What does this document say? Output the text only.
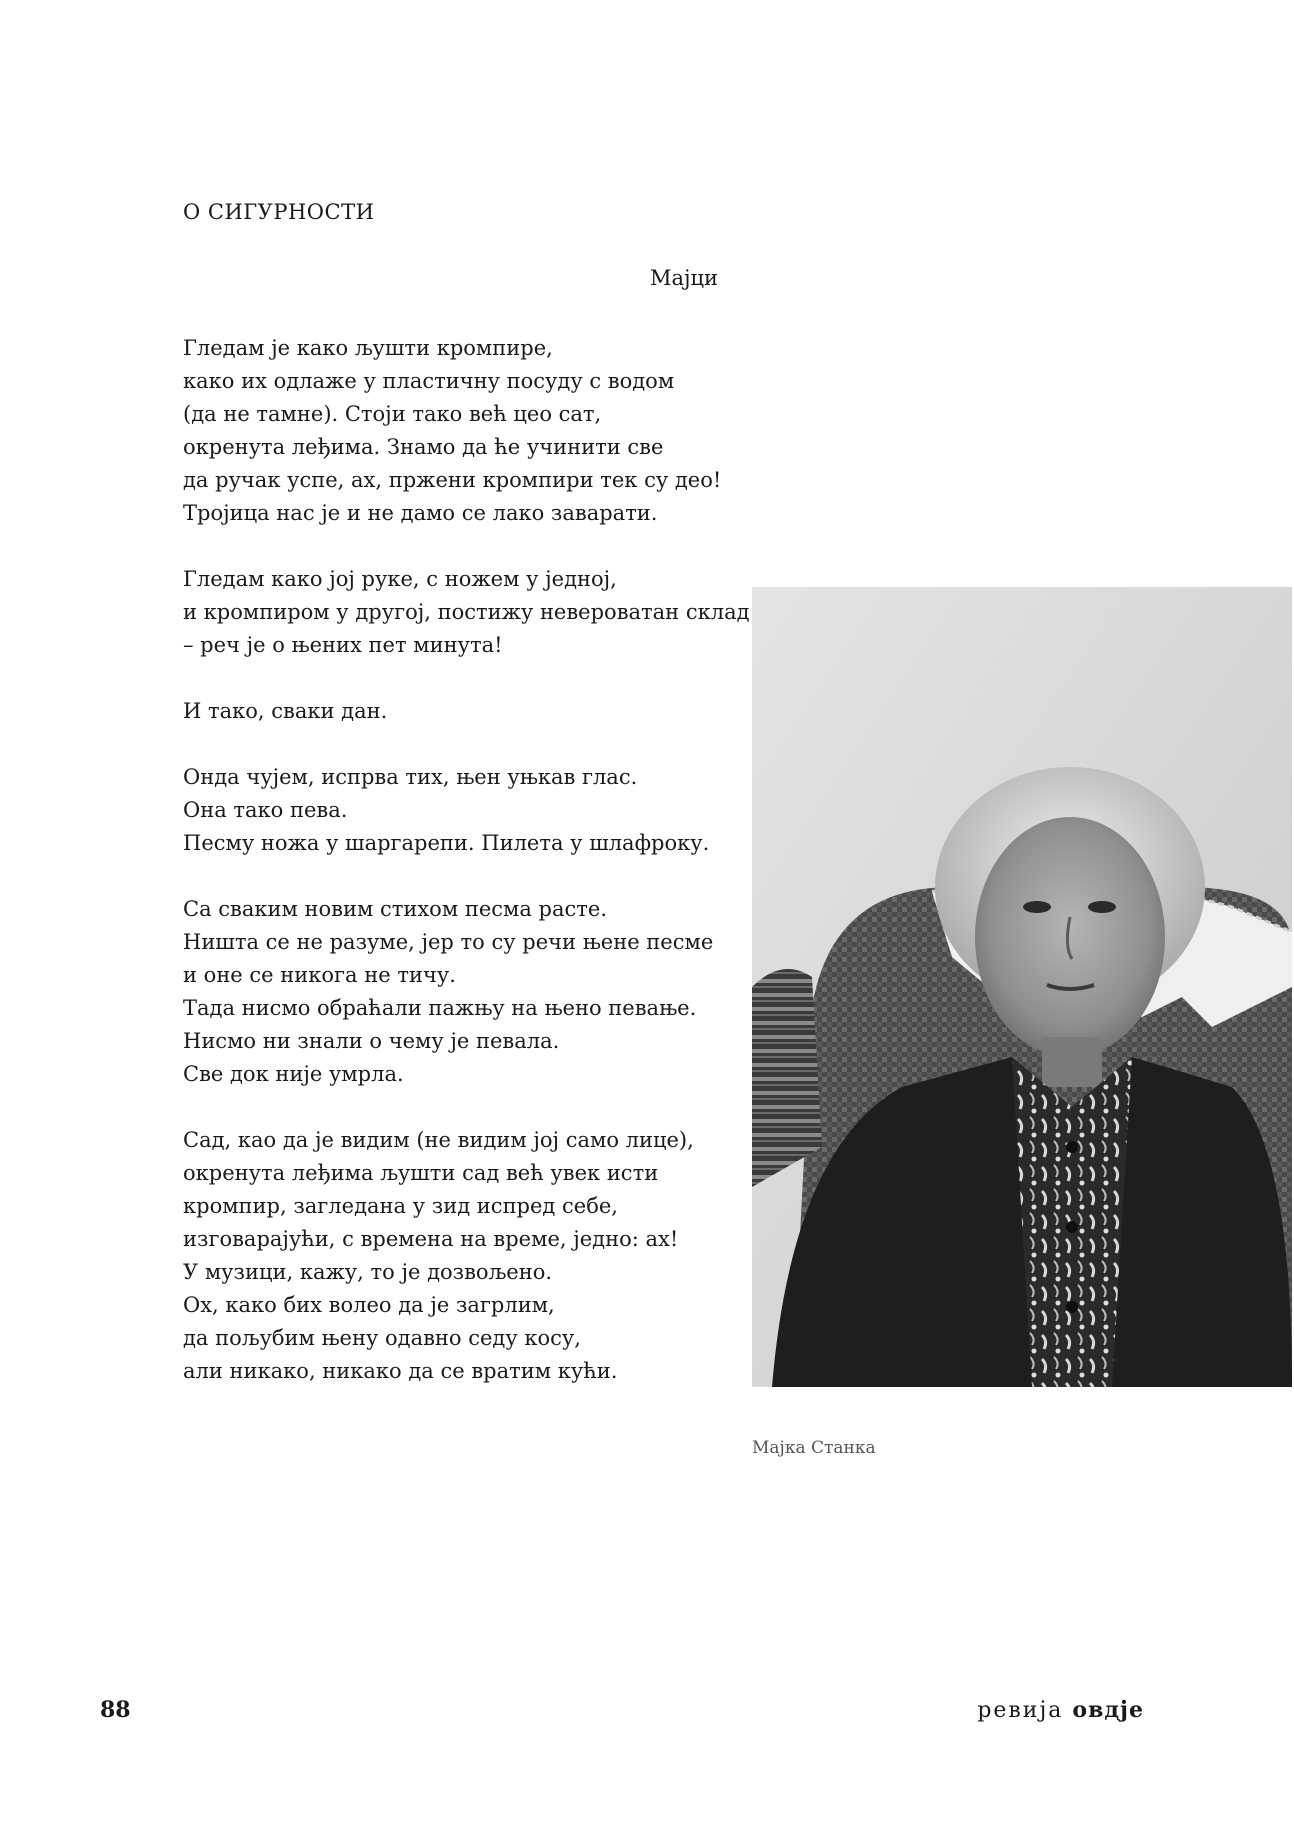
О СИГУРНОСТИ
Мајци
Гледам је како љушти кромпире,
како их одлаже у пластичну посуду с водом
(да не тамне). Стоји тако већ цео сат,
окренута леђима. Знамо да ће учинити све
да ручак успе, ах, пржени кромпири тек су део!
Тројица нас је и не дамо се лако заварати.
Гледам како јој руке, с ножем у једној,
и кромпиром у другој, постижу невероватан склад
– реч је о њених пет минута!
И тако, сваки дан.
Онда чујем, испрва тих, њен уњкав глас.
Она тако пева.
Песму ножа у шаргарепи. Пилета у шлафроку.
Са сваким новим стихом песма расте.
Ништа се не разуме, јер то су речи њене песме
и оне се никога не тичу.
Тада нисмо обраћали пажњу на њено певање.
Нисмо ни знали о чему је певала.
Све док није умрла.
Сад, као да је видим (не видим јој само лице),
окренута леђима љушти сад већ увек исти
кромпир, загледана у зид испред себе,
изговарајући, с времена на време, једно: ах!
У музици, кажу, то је дозвољено.
Ох, како бих волео да је загрлим,
да пољубим њену одавно седу косу,
али никако, никако да се вратим кући.
Мајка Станка
88	ревија овдје
